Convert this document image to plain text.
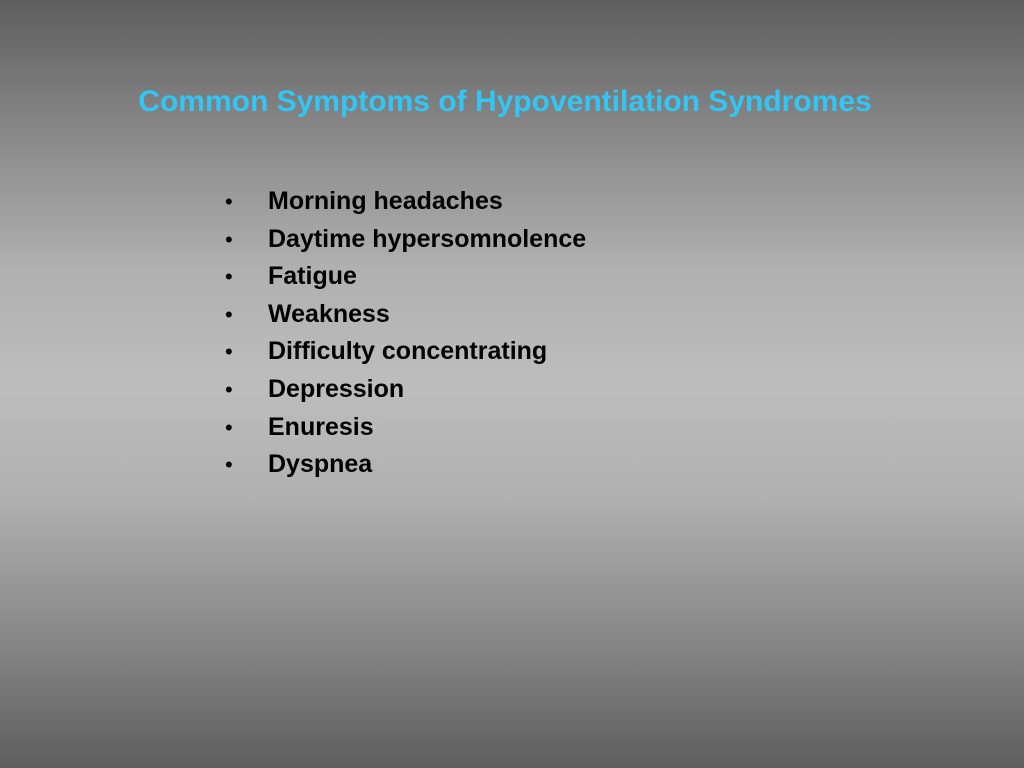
Common Symptoms of Hypoventilation Syndromes
•	Morning headaches
•	Daytime hypersomnolence
•	Fatigue
•	Weakness
•	Difficulty concentrating
•	Depression
•	Enuresis
•	Dyspnea
